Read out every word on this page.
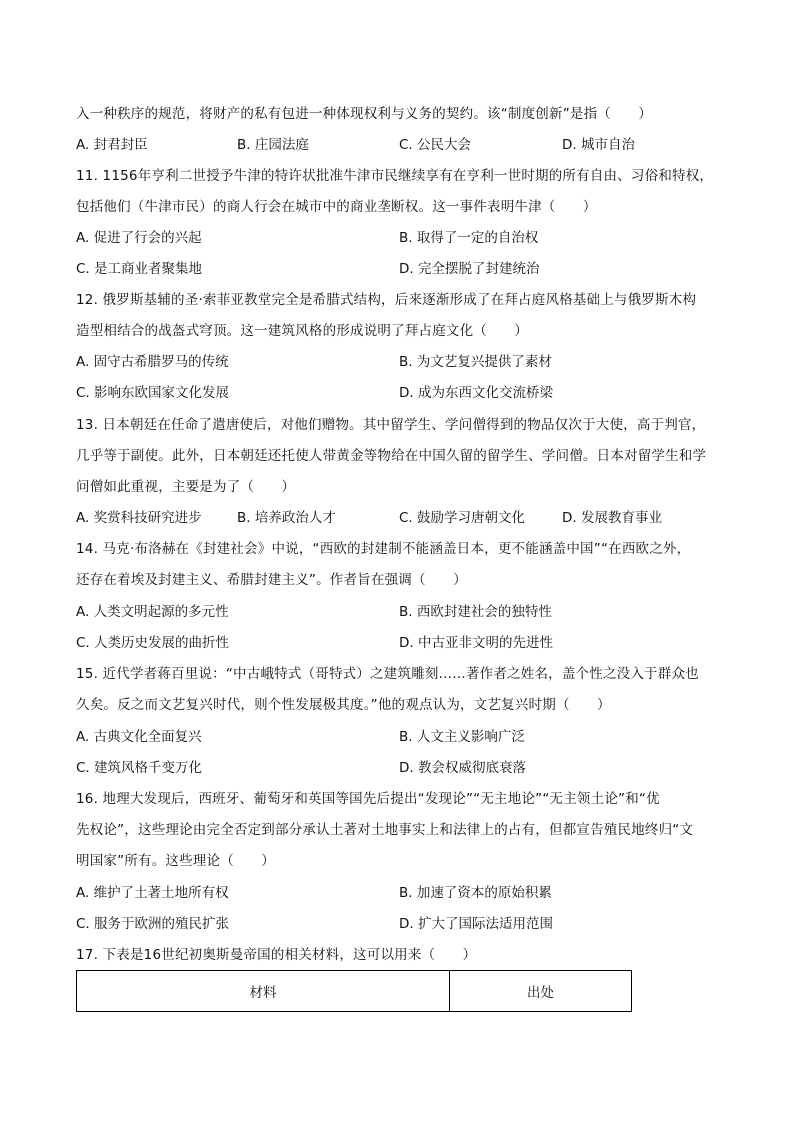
入一种秩序的规范，将财产的私有包进一种体现权利与义务的契约。该“制度创新”是指（　　）
A. 封君封臣	B. 庄园法庭	C. 公民大会	D. 城市自治
11. 1156年亨利二世授予牛津的特许状批准牛津市民继续享有在亨利一世时期的所有自由、习俗和特权，
包括他们（牛津市民）的商人行会在城市中的商业垄断权。这一事件表明牛津（　　）
A. 促进了行会的兴起	B. 取得了一定的自治权
C. 是工商业者聚集地	D. 完全摆脱了封建统治
12. 俄罗斯基辅的圣·索菲亚教堂完全是希腊式结构，后来逐渐形成了在拜占庭风格基础上与俄罗斯木构
造型相结合的战盔式穹顶。这一建筑风格的形成说明了拜占庭文化（　　）
A. 固守古希腊罗马的传统	B. 为文艺复兴提供了素材
C. 影响东欧国家文化发展	D. 成为东西文化交流桥梁
13. 日本朝廷在任命了遣唐使后，对他们赠物。其中留学生、学问僧得到的物品仅次于大使，高于判官，
几乎等于副使。此外，日本朝廷还托使人带黄金等物给在中国久留的留学生、学问僧。日本对留学生和学
问僧如此重视，主要是为了（　　）
A. 奖赏科技研究进步	B. 培养政治人才	C. 鼓励学习唐朝文化	D. 发展教育事业
14. 马克·布洛赫在《封建社会》中说，“西欧的封建制不能涵盖日本，更不能涵盖中国”“在西欧之外，
还存在着埃及封建主义、希腊封建主义”。作者旨在强调（　　）
A. 人类文明起源的多元性	B. 西欧封建社会的独特性
C. 人类历史发展的曲折性	D. 中古亚非文明的先进性
15. 近代学者蒋百里说：“中古峨特式（哥特式）之建筑雕刻……著作者之姓名，盖个性之没入于群众也
久矣。反之而文艺复兴时代，则个性发展极其度。”他的观点认为，文艺复兴时期（　　）
A. 古典文化全面复兴	B. 人文主义影响广泛
C. 建筑风格千变万化	D. 教会权威彻底衰落
16. 地理大发现后，西班牙、葡萄牙和英国等国先后提出“发现论”“无主地论”“无主领土论”和“优
先权论”，这些理论由完全否定到部分承认土著对土地事实上和法律上的占有，但都宣告殖民地终归“文
明国家”所有。这些理论（　　）
A. 维护了土著土地所有权	B. 加速了资本的原始积累
C. 服务于欧洲的殖民扩张	D. 扩大了国际法适用范围
17. 下表是16世纪初奥斯曼帝国的相关材料，这可以用来（　　）
材料	出处
